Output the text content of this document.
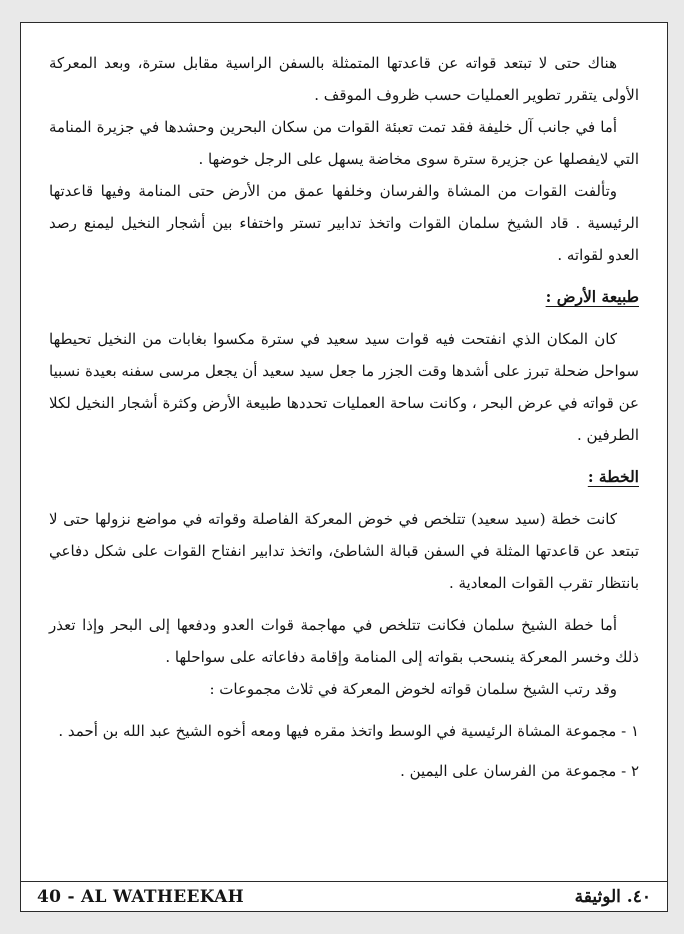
هناك حتى لا تبتعد قواته عن قاعدتها المتمثلة بالسفن الراسية مقابل سترة، وبعد المعركة الأولى يتقرر تطوير العمليات حسب ظروف الموقف .

أما في جانب آل خليفة فقد تمت تعبئة القوات من سكان البحرين وحشدها في جزيرة المنامة التي لايفصلها عن جزيرة سترة سوى مخاضة يسهل على الرجل خوضها .

وتألفت القوات من المشاة والفرسان وخلفها عمق من الأرض حتى المنامة وفيها قاعدتها الرئيسية . قاد الشيخ سلمان القوات واتخذ تدابير تستر واختفاء بين أشجار النخيل ليمنع رصد العدو لقواته .

طبيعة الأرض :

كان المكان الذي انفتحت فيه قوات سيد سعيد في سترة مكسوا بغابات من النخيل تحيطها سواحل ضحلة تبرز على أشدها وقت الجزر ما جعل سيد سعيد أن يجعل مرسى سفنه بعيدة نسبيا عن قواته في عرض البحر ، وكانت ساحة العمليات تحددها طبيعة الأرض وكثرة أشجار النخيل لكلا الطرفين .

الخطة :

كانت خطة (سيد سعيد) تتلخص في خوض المعركة الفاصلة وقواته في مواضع نزولها حتى لا تبتعد عن قاعدتها المثلة في السفن قبالة الشاطئ، واتخذ تدابير انفتاح القوات على شكل دفاعي بانتظار تقرب القوات المعادية .

أما خطة الشيخ سلمان فكانت تتلخص في مهاجمة قوات العدو ودفعها إلى البحر وإذا تعذر ذلك وخسر المعركة ينسحب بقواته إلى المنامة وإقامة دفاعاته على سواحلها .

وقد رتب الشيخ سلمان قواته لخوض المعركة في ثلاث مجموعات :

١ - مجموعة المشاة الرئيسية في الوسط واتخذ مقره فيها ومعه أخوه الشيخ عبد الله بن أحمد .

٢ - مجموعة من الفرسان على اليمين .

40 - AL WATHEEKAH	٤٠. الوثيقة
